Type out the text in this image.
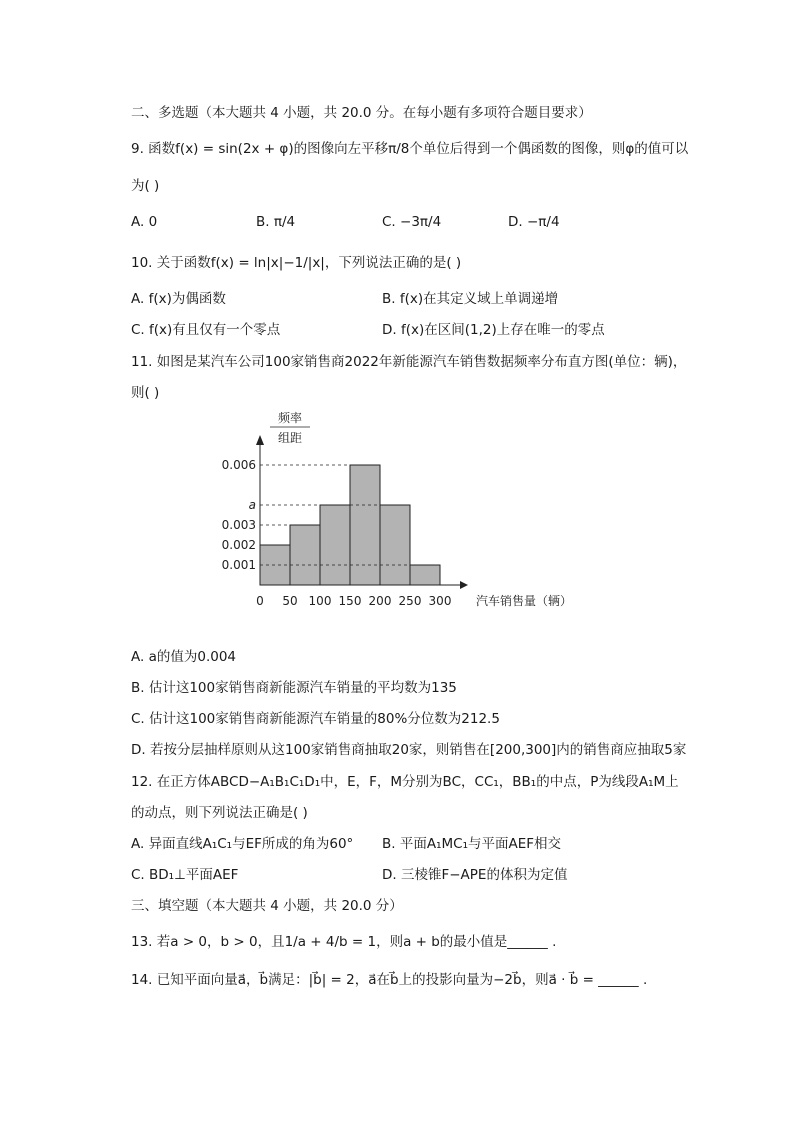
二、多选题（本大题共 4 小题，共 20.0 分。在每小题有多项符合题目要求）
9. 函数f(x) = sin(2x + φ)的图像向左平移π/8个单位后得到一个偶函数的图像，则φ的值可以
为( )
A. 0	B. π/4	C. −3π/4	D. −π/4
10. 关于函数f(x) = ln|x|−1/|x|，下列说法正确的是( )
A. f(x)为偶函数	B. f(x)在其定义域上单调递增
C. f(x)有且仅有一个零点	D. f(x)在区间(1,2)上存在唯一的零点
11. 如图是某汽车公司100家销售商2022年新能源汽车销售数据频率分布直方图(单位：辆)，
则( )
0.001
0.002
0.003
a
0.006
0 50 100 150 200 250 300 汽车销售量（辆）
频率
组距
A. a的值为0.004
B. 估计这100家销售商新能源汽车销量的平均数为135
C. 估计这100家销售商新能源汽车销量的80%分位数为212.5
D. 若按分层抽样原则从这100家销售商抽取20家，则销售在[200,300]内的销售商应抽取5家
12. 在正方体ABCD−A₁B₁C₁D₁中，E，F，M分别为BC，CC₁，BB₁的中点，P为线段A₁M上
的动点，则下列说法正确是( )
A. 异面直线A₁C₁与EF所成的角为60° B. 平面A₁MC₁与平面AEF相交
C. BD₁⊥平面AEF	D. 三棱锥F−APE的体积为定值
三、填空题（本大题共 4 小题，共 20.0 分）
13. 若a > 0，b > 0，且1/a + 4/b = 1，则a + b的最小值是______ .
14. 已知平面向量a⃗，b⃗满足：|b⃗| = 2，a⃗在b⃗上的投影向量为−2b⃗，则a⃗ · b⃗ = ______ .
